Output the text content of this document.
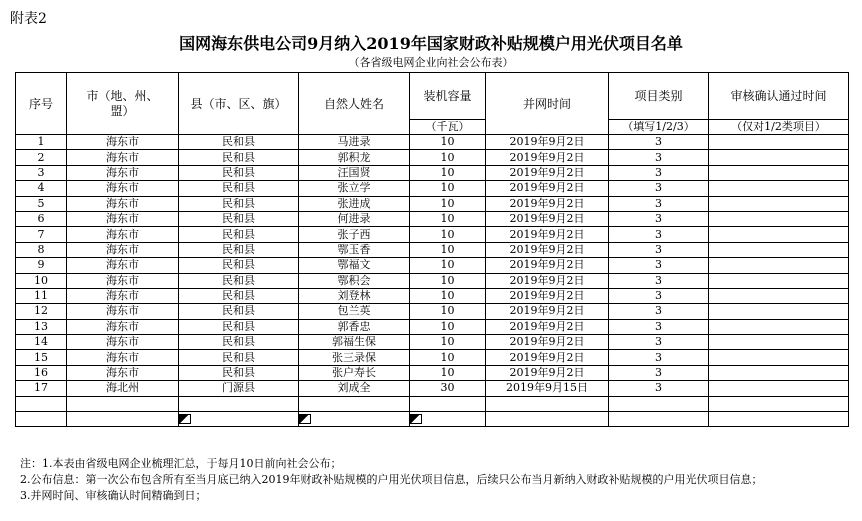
附表2
国网海东供电公司9月纳入2019年国家财政补贴规模户用光伏项目名单
（各省级电网企业向社会公布表）
序号	市（地、州、盟）	县（市、区、旗）	自然人姓名	装机容量	并网时间	项目类别	审核确认通过时间
				（千瓦）		（填写1/2/3）	（仅对1/2类项目）
1	海东市	民和县	马进录	10	2019年9月2日	3	
2	海东市	民和县	郭积龙	10	2019年9月2日	3	
3	海东市	民和县	汪国贤	10	2019年9月2日	3	
4	海东市	民和县	张立学	10	2019年9月2日	3	
5	海东市	民和县	张进成	10	2019年9月2日	3	
6	海东市	民和县	何进录	10	2019年9月2日	3	
7	海东市	民和县	张子西	10	2019年9月2日	3	
8	海东市	民和县	鄂玉香	10	2019年9月2日	3	
9	海东市	民和县	鄂福文	10	2019年9月2日	3	
10	海东市	民和县	鄂积会	10	2019年9月2日	3	
11	海东市	民和县	刘登林	10	2019年9月2日	3	
12	海东市	民和县	包兰英	10	2019年9月2日	3	
13	海东市	民和县	郭香忠	10	2019年9月2日	3	
14	海东市	民和县	郭福生保	10	2019年9月2日	3	
15	海东市	民和县	张三录保	10	2019年9月2日	3	
16	海东市	民和县	张户寿长	10	2019年9月2日	3	
17	海北州	门源县	刘成全	30	2019年9月15日	3	

注：1.本表由省级电网企业梳理汇总，于每月10日前向社会公布；
2.公布信息：第一次公布包含所有至当月底已纳入2019年财政补贴规模的户用光伏项目信息，后续只公布当月新纳入财政补贴规模的户用光伏项目信息；
3.并网时间、审核确认时间精确到日；
